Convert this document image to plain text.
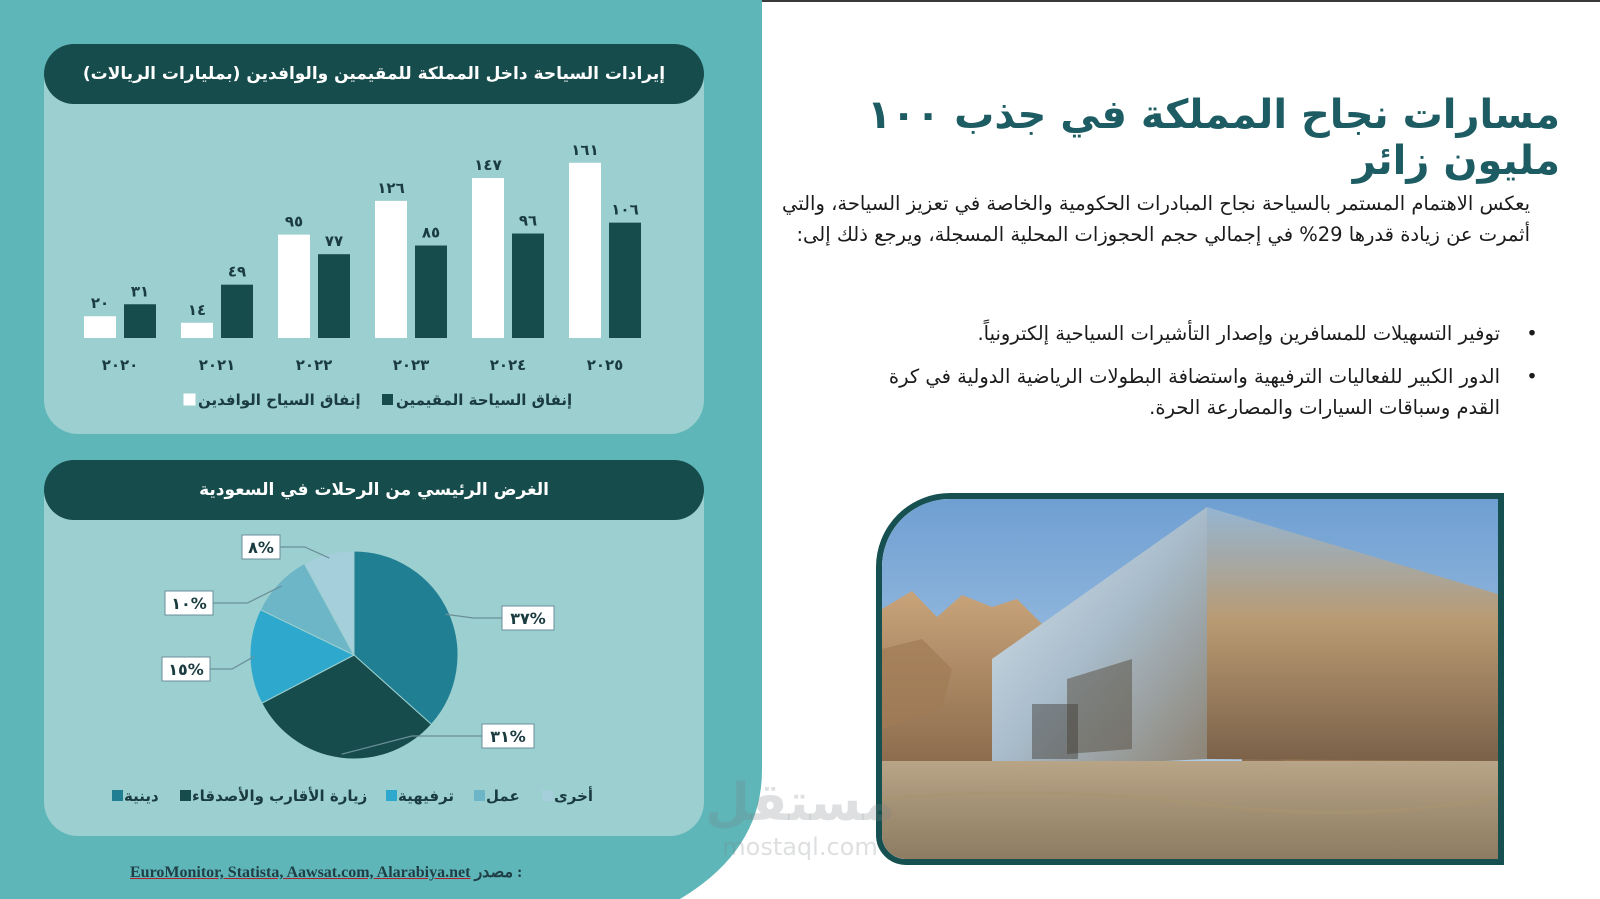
٢٠
٣١
٢٠٢٠
١٤
٤٩
٢٠٢١
٩٥
٧٧
٢٠٢٢
١٢٦
٨٥
٢٠٢٣
١٤٧
٩٦
٢٠٢٤
١٦١
١٠٦
٢٠٢٥
إنفاق السياحة المقيمين
إنفاق السياح الوافدين
إيرادات السياحة داخل المملكة للمقيمين والوافدين (بمليارات الريالات)
٣٧%
٣١%
١٥%
١٠%
٨%
دينية زيارة الأقارب والأصدقاء ترفيهية عمل أخرى
الغرض الرئيسي من الرحلات في السعودية
مسارات نجاح المملكة في جذب ١٠٠ مليون زائر

يعكس الاهتمام المستمر بالسياحة نجاح المبادرات الحكومية والخاصة في تعزيز السياحة، والتي أثمرت عن زيادة قدرها 29% في إجمالي حجم الحجوزات المحلية المسجلة، ويرجع ذلك إلى:

•
توفير التسهيلات للمسافرين وإصدار التأشيرات السياحية إلكترونياً.
•
الدور الكبير للفعاليات الترفيهية واستضافة البطولات الرياضية الدولية في كرة القدم وسباقات السيارات والمصارعة الحرة.

EuroMonitor, Statista, Aawsat.com, Alarabiya.net مصدر :

مستقل
mostaql.com
